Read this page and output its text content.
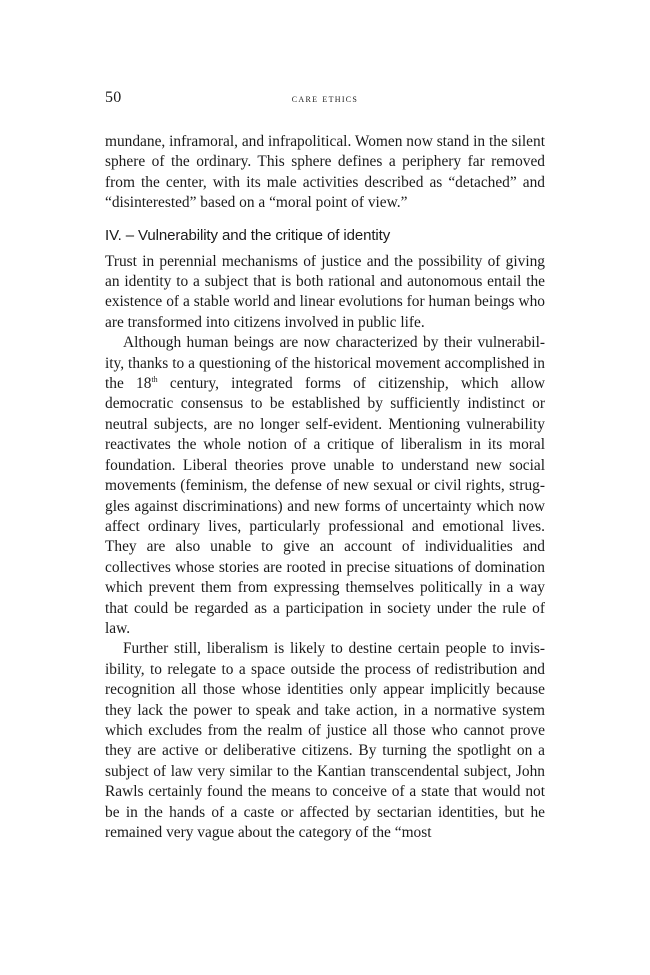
50	care ethics

mundane, inframoral, and infrapolitical. Women now stand in the silent sphere of the ordinary. This sphere defines a periphery far removed from the center, with its male activities described as “detached” and “disinterested” based on a “moral point of view.”

IV. – Vulnerability and the critique of identity

Trust in perennial mechanisms of justice and the possibility of giving an identity to a subject that is both rational and autonomous entail the existence of a stable world and linear evolutions for human beings who are transformed into citizens involved in public life.

Although human beings are now characterized by their vulnerability, thanks to a questioning of the historical movement accomplished in the 18th century, integrated forms of citizenship, which allow democratic consensus to be established by sufficiently indistinct or neutral subjects, are no longer self-evident. Mentioning vulnerability reactivates the whole notion of a critique of liberalism in its moral foundation. Liberal theories prove unable to understand new social movements (feminism, the defense of new sexual or civil rights, struggles against discriminations) and new forms of uncertainty which now affect ordinary lives, particularly professional and emotional lives. They are also unable to give an account of individualities and collectives whose stories are rooted in precise situations of domination which prevent them from expressing themselves politically in a way that could be regarded as a participation in society under the rule of law.

Further still, liberalism is likely to destine certain people to invisibility, to relegate to a space outside the process of redistribution and recognition all those whose identities only appear implicitly because they lack the power to speak and take action, in a normative system which excludes from the realm of justice all those who cannot prove they are active or deliberative citizens. By turning the spotlight on a subject of law very similar to the Kantian transcendental subject, John Rawls certainly found the means to conceive of a state that would not be in the hands of a caste or affected by sectarian identities, but he remained very vague about the category of the “most
